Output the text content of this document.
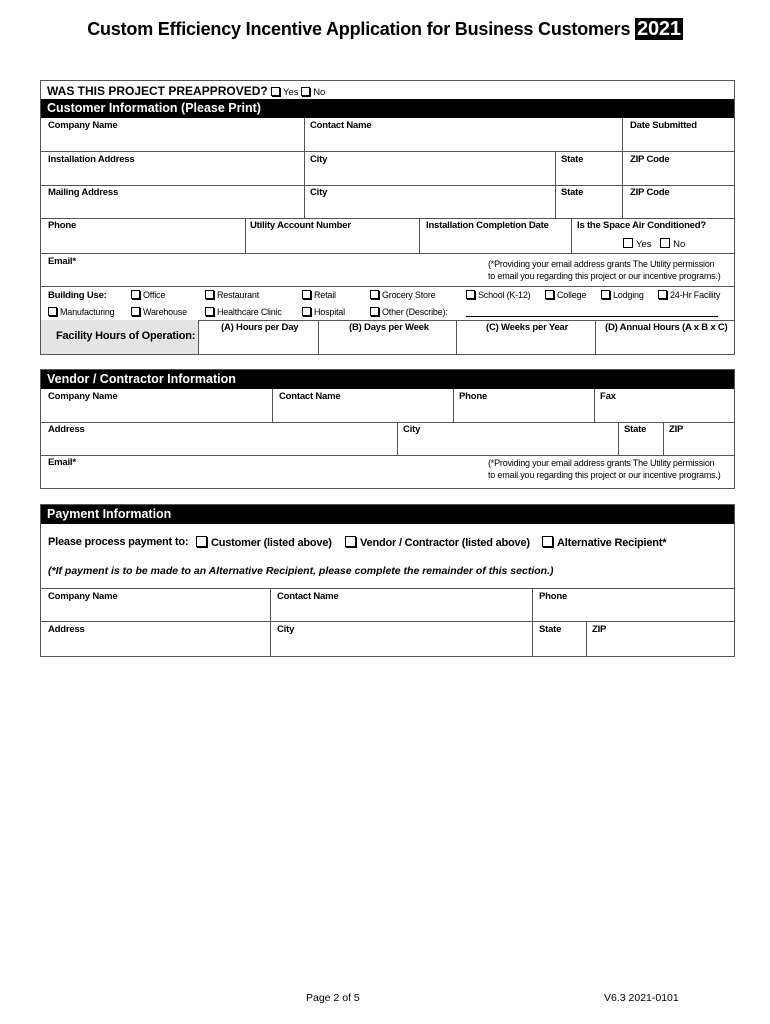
Custom Efficiency Incentive Application for Business Customers 2021
WAS THIS PROJECT PREAPPROVED? Yes No
Customer Information (Please Print)
Company Name	Contact Name	Date Submitted
Installation Address	City	State	ZIP Code
Mailing Address	City	State	ZIP Code
Phone	Utility Account Number	Installation Completion Date	Is the Space Air Conditioned?
Yes No
Email*	(*Providing your email address grants The Utility permission
to email you regarding this project or our incentive programs.)
Building Use:	Office	Restaurant	Retail	Grocery Store	School (K-12)	College	Lodging	24-Hr Facility
Manufacturing	Warehouse	Healthcare Clinic	Hospital	Other (Describe):
Facility Hours of Operation:
(A) Hours per Day	(B) Days per Week	(C) Weeks per Year	(D) Annual Hours (A x B x C)
Vendor / Contractor Information
Company Name	Contact Name	Phone	Fax
Address	City	State ZIP
Email*	(*Providing your email address grants The Utility permission
to email you regarding this project or our incentive programs.)
Payment Information
Please process payment to:	Customer (listed above)	Vendor / Contractor (listed above)	Alternative Recipient*
(*If payment is to be made to an Alternative Recipient, please complete the remainder of this section.)
Company Name	Contact Name	Phone
Address	City	State	ZIP
Page 2 of 5	V6.3 2021-0101
